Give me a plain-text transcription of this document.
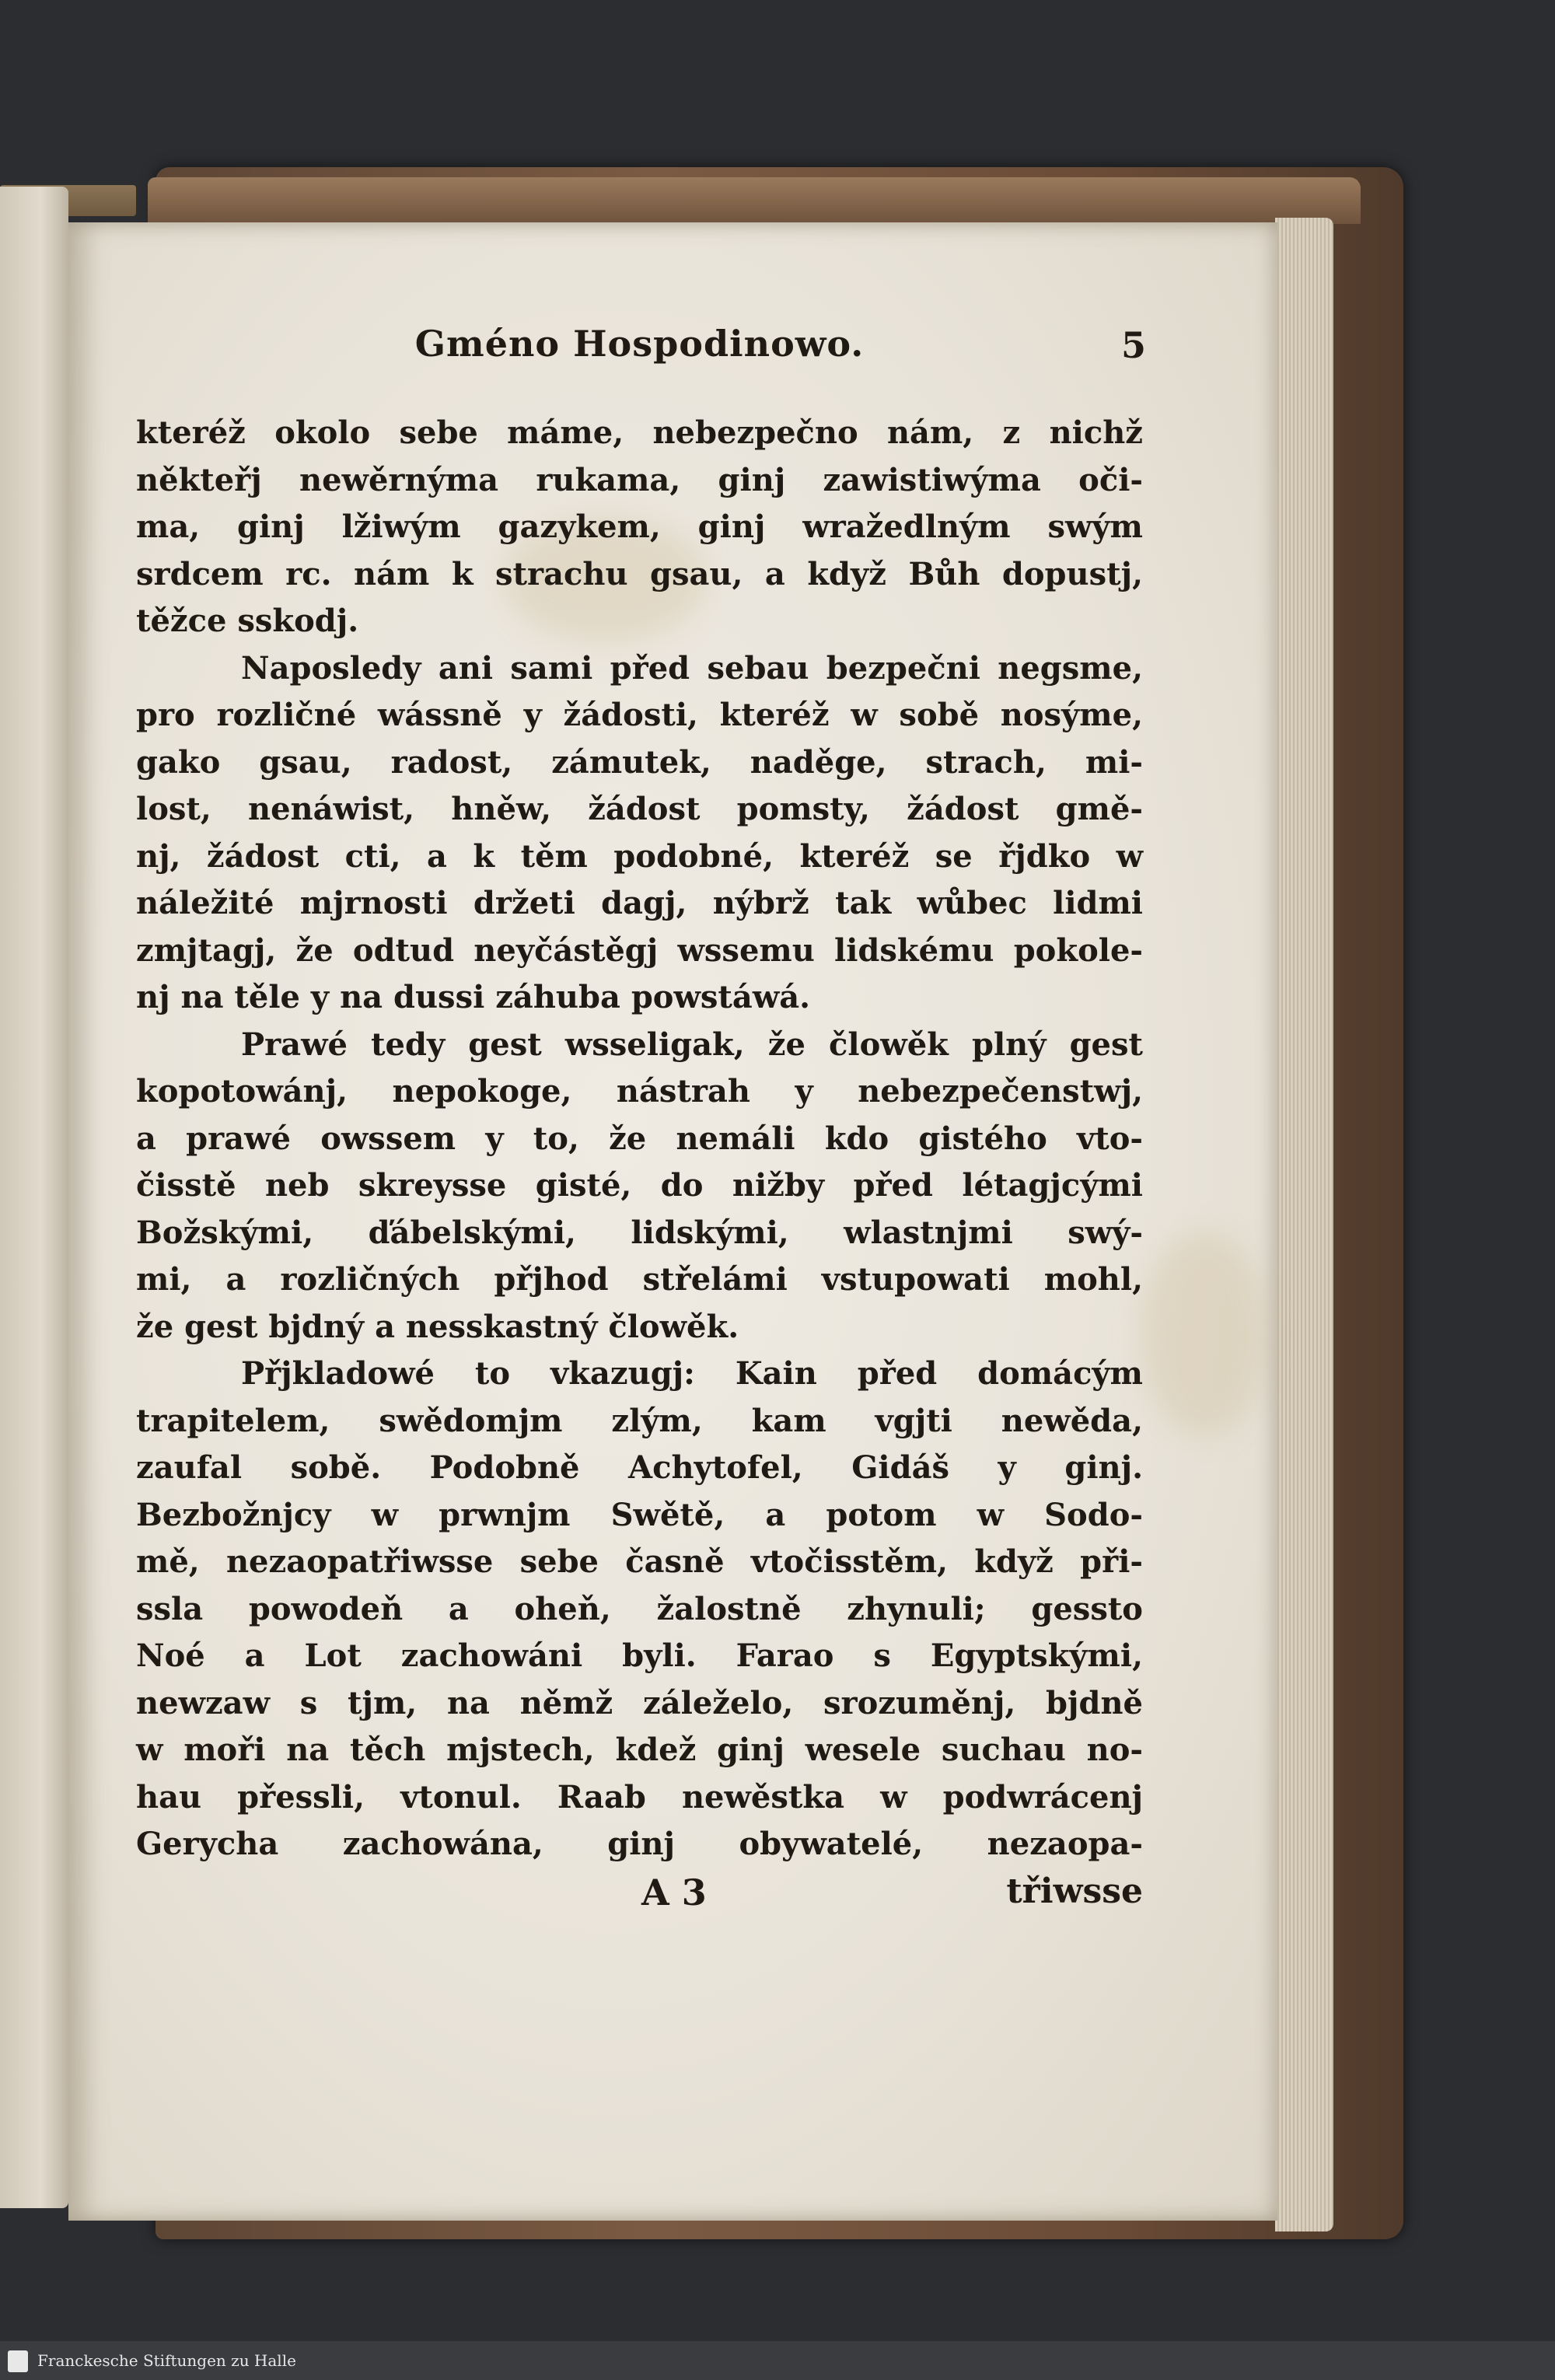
Gméno Hospodinowo.	5
kteréž okolo sebe máme, nebezpečno nám, z nichž
někteřj newěrnýma rukama, ginj zawistiwýma oči-
ma, ginj lžiwým gazykem, ginj wražedlným swým
srdcem rc. nám k strachu gsau, a když Bůh dopustj,
těžce sskodj.
Naposledy ani sami před sebau bezpečni negsme,
pro rozličné wássně y žádosti, kteréž w sobě nosýme,
gako gsau, radost, zámutek, naděge, strach, mi-
lost, nenáwist, hněw, žádost pomsty, žádost gmě-
nj, žádost cti, a k těm podobné, kteréž se řjdko w
náležité mjrnosti držeti dagj, nýbrž tak wůbec lidmi
zmjtagj, že odtud neyčástěgj wssemu lidskému pokole-
nj na těle y na dussi záhuba powstáwá.
Prawé tedy gest wsseligak, že člowěk plný gest
kopotowánj, nepokoge, nástrah y nebezpečenstwj,
a prawé owssem y to, že nemáli kdo gistého vto-
čisstě neb skreysse gisté, do nižby před létagjcými
Božskými, ďábelskými, lidskými, wlastnjmi swý-
mi, a rozličných přjhod střelámi vstupowati mohl,
že gest bjdný a nesskastný člowěk.
Přjkladowé to vkazugj: Kain před domácým
trapitelem, swědomjm zlým, kam vgjti newěda,
zaufal sobě. Podobně Achytofel, Gidáš y ginj.
Bezbožnjcy w prwnjm Swětě, a potom w Sodo-
mě, nezaopatřiwsse sebe časně vtočisstěm, když při-
ssla powodeň a oheň, žalostně zhynuli; gessto
Noé a Lot zachowáni byli. Farao s Egyptskými,
newzaw s tjm, na němž záleželo, srozuměnj, bjdně
w moři na těch mjstech, kdež ginj wesele suchau no-
hau přessli, vtonul. Raab newěstka w podwrácenj
Gerycha zachowána, ginj obywatelé, nezaopa-
A 3	třiwsse
Franckesche Stiftungen zu Halle
